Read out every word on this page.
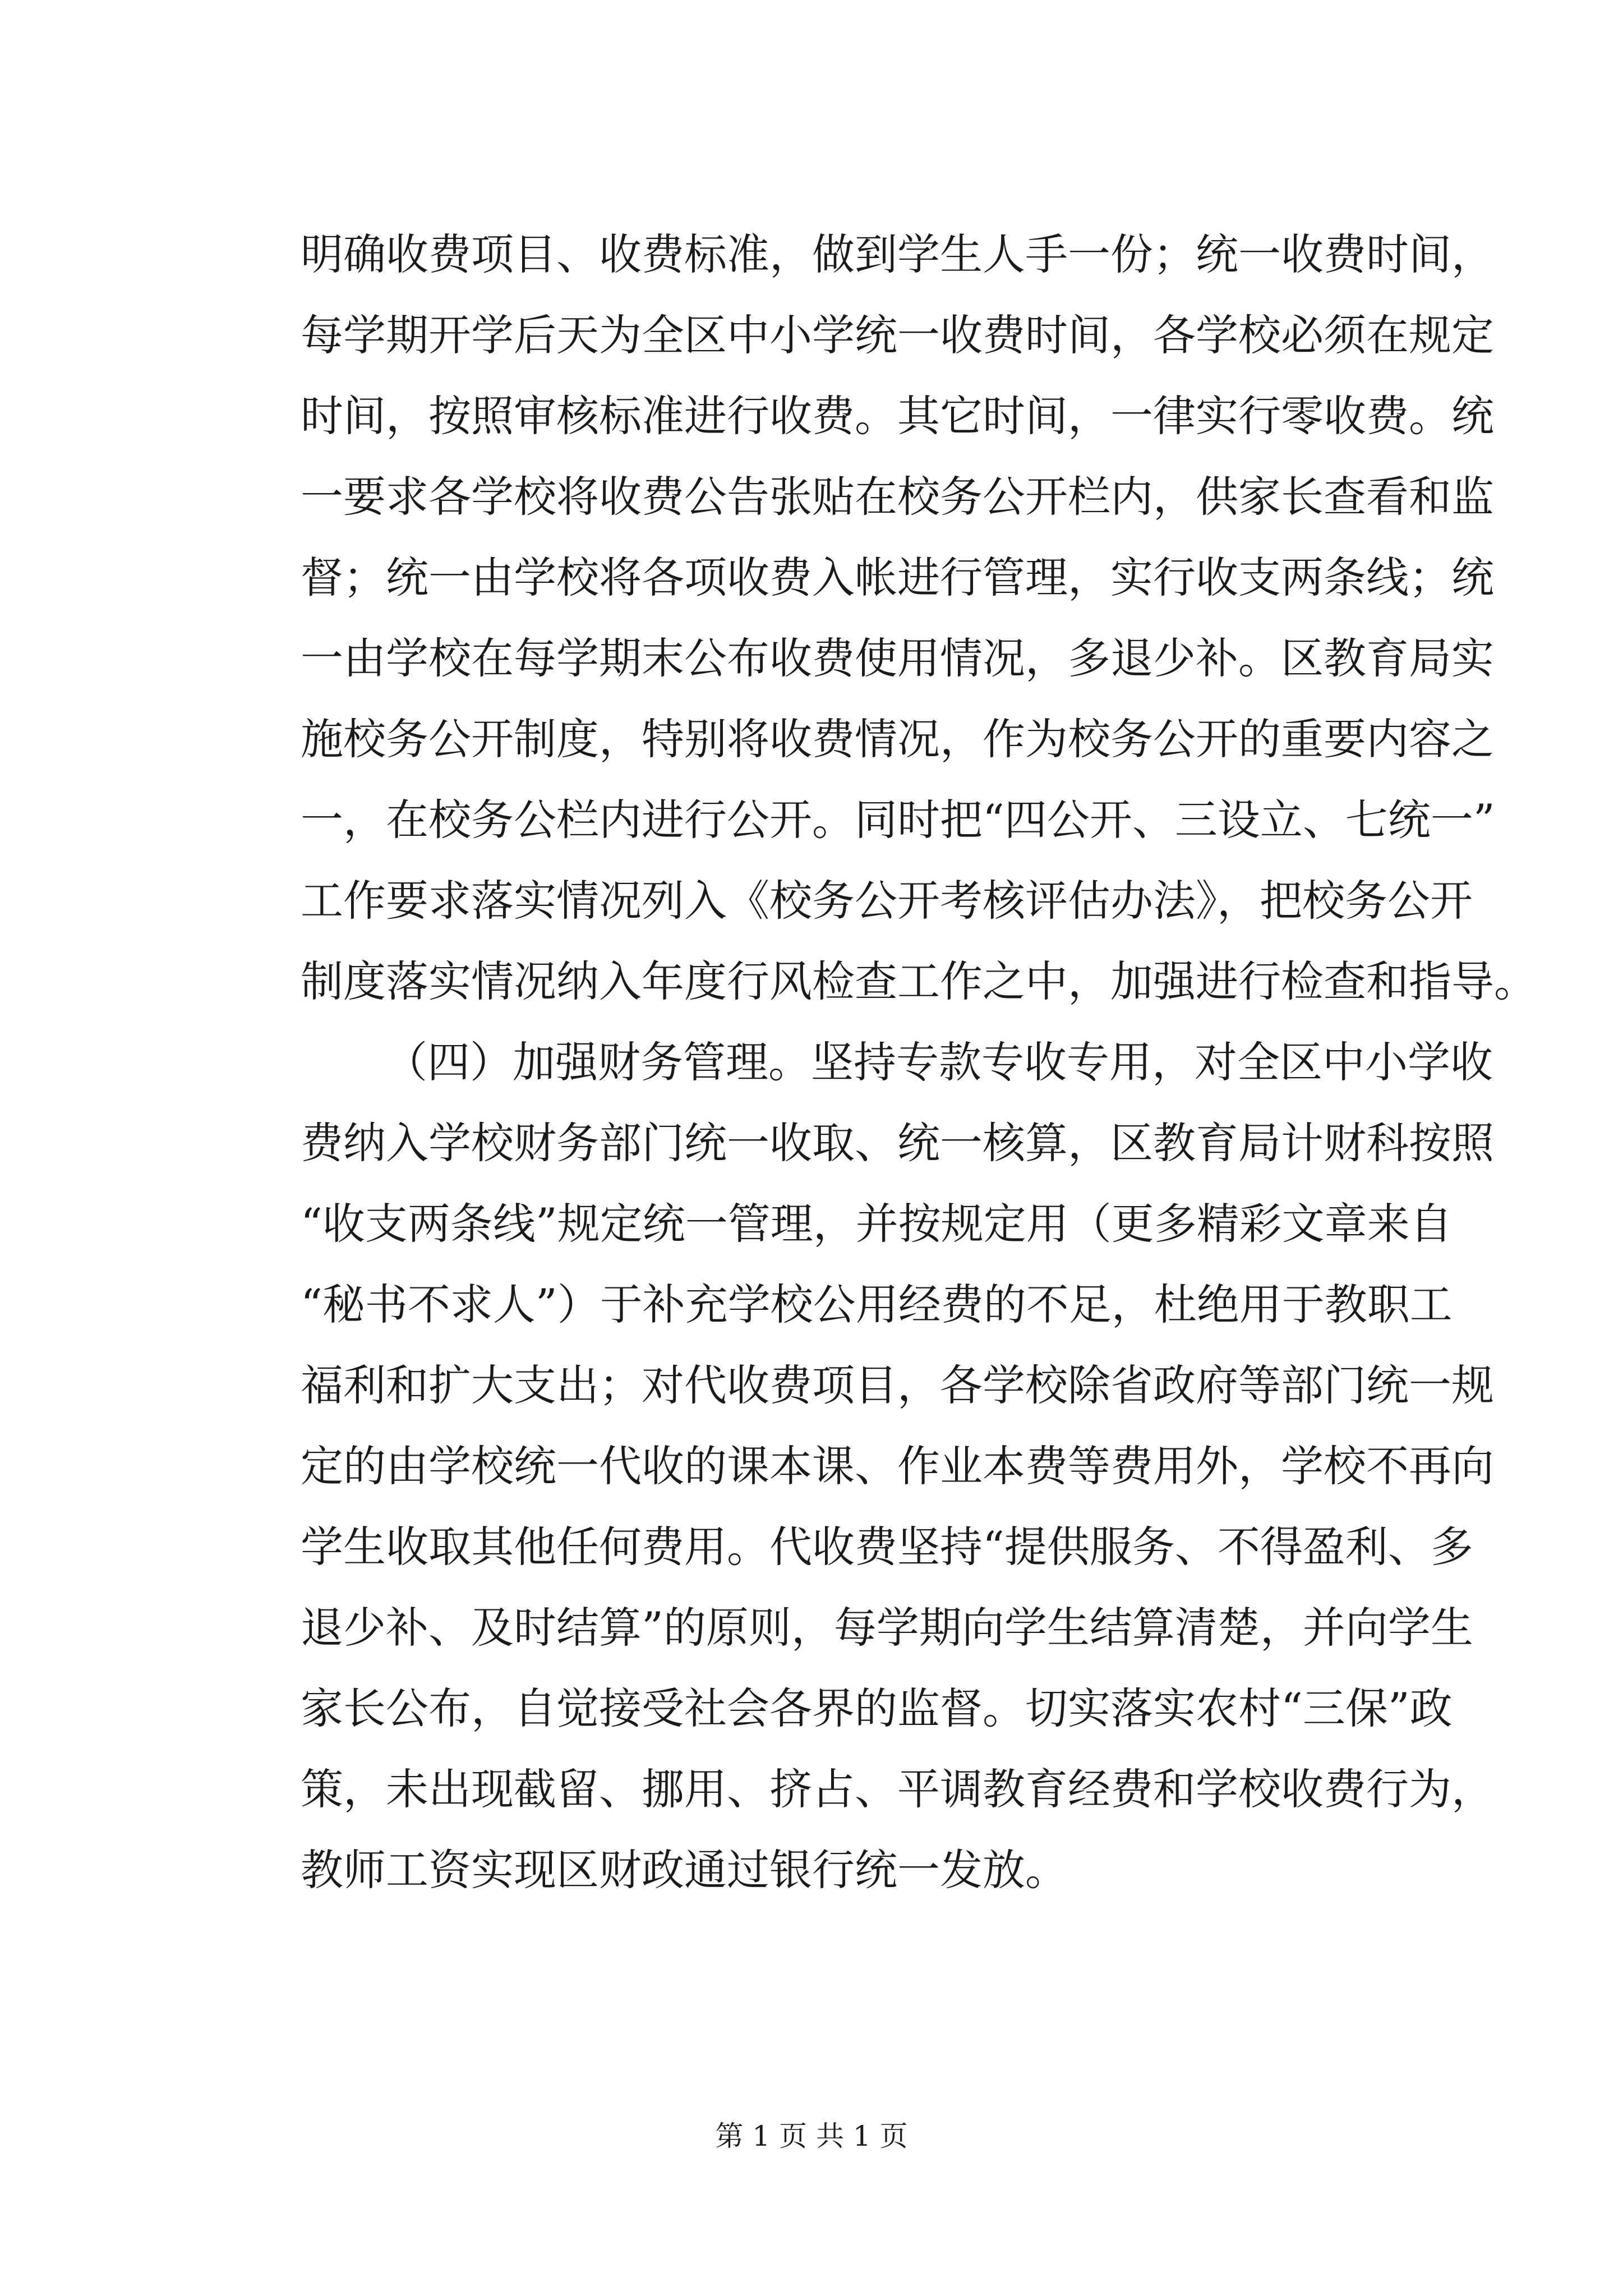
明确收费项目、收费标准，做到学生人手一份；统一收费时间，
每学期开学后天为全区中小学统一收费时间，各学校必须在规定
时间，按照审核标准进行收费。其它时间，一律实行零收费。统
一要求各学校将收费公告张贴在校务公开栏内，供家长查看和监
督；统一由学校将各项收费入帐进行管理，实行收支两条线；统
一由学校在每学期末公布收费使用情况，多退少补。区教育局实
施校务公开制度，特别将收费情况，作为校务公开的重要内容之
一，在校务公栏内进行公开。同时把“四公开、三设立、七统一”
工作要求落实情况列入《校务公开考核评估办法》，把校务公开
制度落实情况纳入年度行风检查工作之中，加强进行检查和指导。
（四）加强财务管理。坚持专款专收专用，对全区中小学收
费纳入学校财务部门统一收取、统一核算，区教育局计财科按照
“收支两条线”规定统一管理，并按规定用（更多精彩文章来自
“秘书不求人”）于补充学校公用经费的不足，杜绝用于教职工
福利和扩大支出；对代收费项目，各学校除省政府等部门统一规
定的由学校统一代收的课本课、作业本费等费用外，学校不再向
学生收取其他任何费用。代收费坚持“提供服务、不得盈利、多
退少补、及时结算”的原则，每学期向学生结算清楚，并向学生
家长公布，自觉接受社会各界的监督。切实落实农村“三保”政
策，未出现截留、挪用、挤占、平调教育经费和学校收费行为，
教师工资实现区财政通过银行统一发放。
第 1 页 共 1 页
